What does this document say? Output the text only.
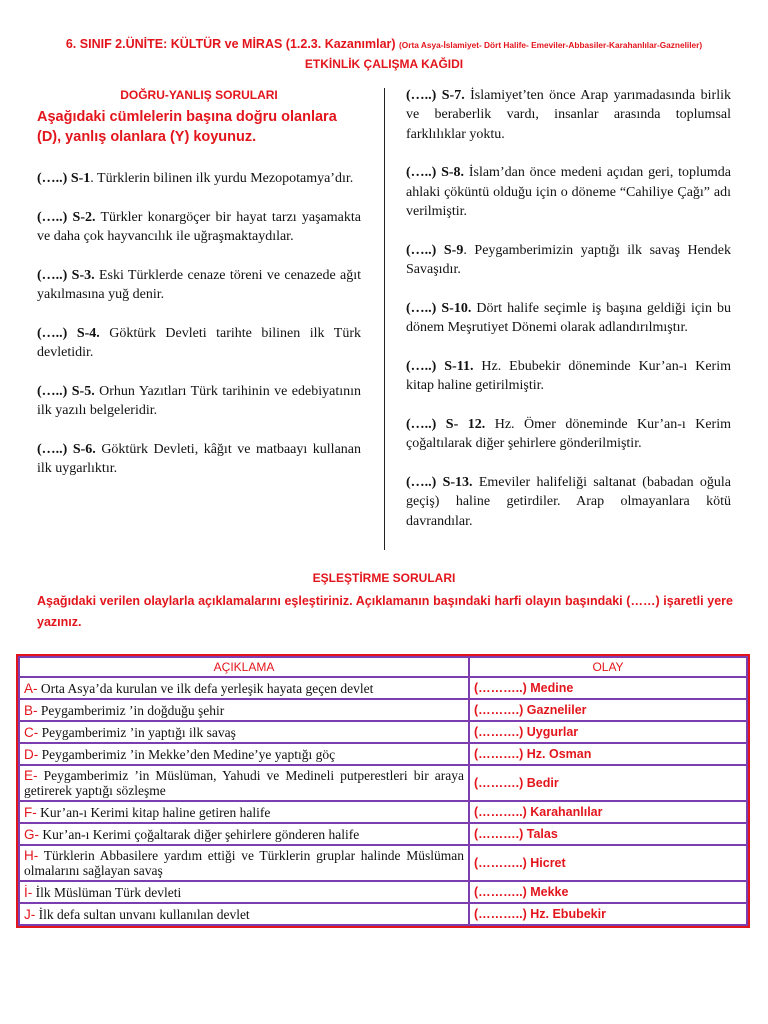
6. SINIF 2.ÜNİTE: KÜLTÜR ve MİRAS (1.2.3. Kazanımlar) (Orta Asya-İslamiyet- Dört Halife- Emeviler-Abbasiler-Karahanlılar-Gazneliler)
ETKİNLİK ÇALIŞMA KAĞIDI
DOĞRU-YANLIŞ SORULARI
Aşağıdaki cümlelerin başına doğru olanlara (D), yanlış olanlara (Y) koyunuz.

(…..) S-1. Türklerin bilinen ilk yurdu Mezopotamya’dır.

(…..) S-2. Türkler konargöçer bir hayat tarzı yaşamakta ve daha çok hayvancılık ile uğraşmaktaydılar.

(…..) S-3. Eski Türklerde cenaze töreni ve cenazede ağıt yakılmasına yuğ denir.

(…..) S-4. Göktürk Devleti tarihte bilinen ilk Türk devletidir.

(…..) S-5. Orhun Yazıtları Türk tarihinin ve edebiyatının ilk yazılı belgeleridir.

(…..) S-6. Göktürk Devleti, kâğıt ve matbaayı kullanan ilk uygarlıktır.

(…..) S-7. İslamiyet’ten önce Arap yarımadasında birlik ve beraberlik vardı, insanlar arasında toplumsal farklılıklar yoktu.

(…..) S-8. İslam’dan önce medeni açıdan geri, toplumda ahlaki çöküntü olduğu için o döneme “Cahiliye Çağı” adı verilmiştir.

(…..) S-9. Peygamberimizin yaptığı ilk savaş Hendek Savaşıdır.

(…..) S-10. Dört halife seçimle iş başına geldiği için bu dönem Meşrutiyet Dönemi olarak adlandırılmıştır.

(…..) S-11. Hz. Ebubekir döneminde Kur’an-ı Kerim kitap haline getirilmiştir.

(…..) S- 12. Hz. Ömer döneminde Kur’an-ı Kerim çoğaltılarak diğer şehirlere gönderilmiştir.

(…..) S-13. Emeviler halifeliği saltanat (babadan oğula geçiş) haline getirdiler. Arap olmayanlara kötü davrandılar.

EŞLEŞTİRME SORULARI
Aşağıdaki verilen olaylarla açıklamalarını eşleştiriniz. Açıklamanın başındaki harfi olayın başındaki (……) işaretli yere yazınız.
AÇIKLAMA	OLAY
A- Orta Asya’da kurulan ve ilk defa yerleşik hayata geçen devlet	(………..) Medine
B- Peygamberimiz ’in doğduğu şehir	(……….) Gazneliler
C- Peygamberimiz ’in yaptığı ilk savaş	(……….) Uygurlar
D- Peygamberimiz ’in Mekke’den Medine’ye yaptığı göç	(……….) Hz. Osman
E- Peygamberimiz ’in Müslüman, Yahudi ve Medineli putperestleri bir araya getirerek yaptığı sözleşme	(……….) Bedir
F- Kur’an-ı Kerimi kitap haline getiren halife	(………..) Karahanlılar
G- Kur’an-ı Kerimi çoğaltarak diğer şehirlere gönderen halife	(……….) Talas
H- Türklerin Abbasilere yardım ettiği ve Türklerin gruplar halinde Müslüman olmalarını sağlayan savaş	(………..) Hicret
İ- İlk Müslüman Türk devleti	(………..) Mekke
J- İlk defa sultan unvanı kullanılan devlet	(………..) Hz. Ebubekir
